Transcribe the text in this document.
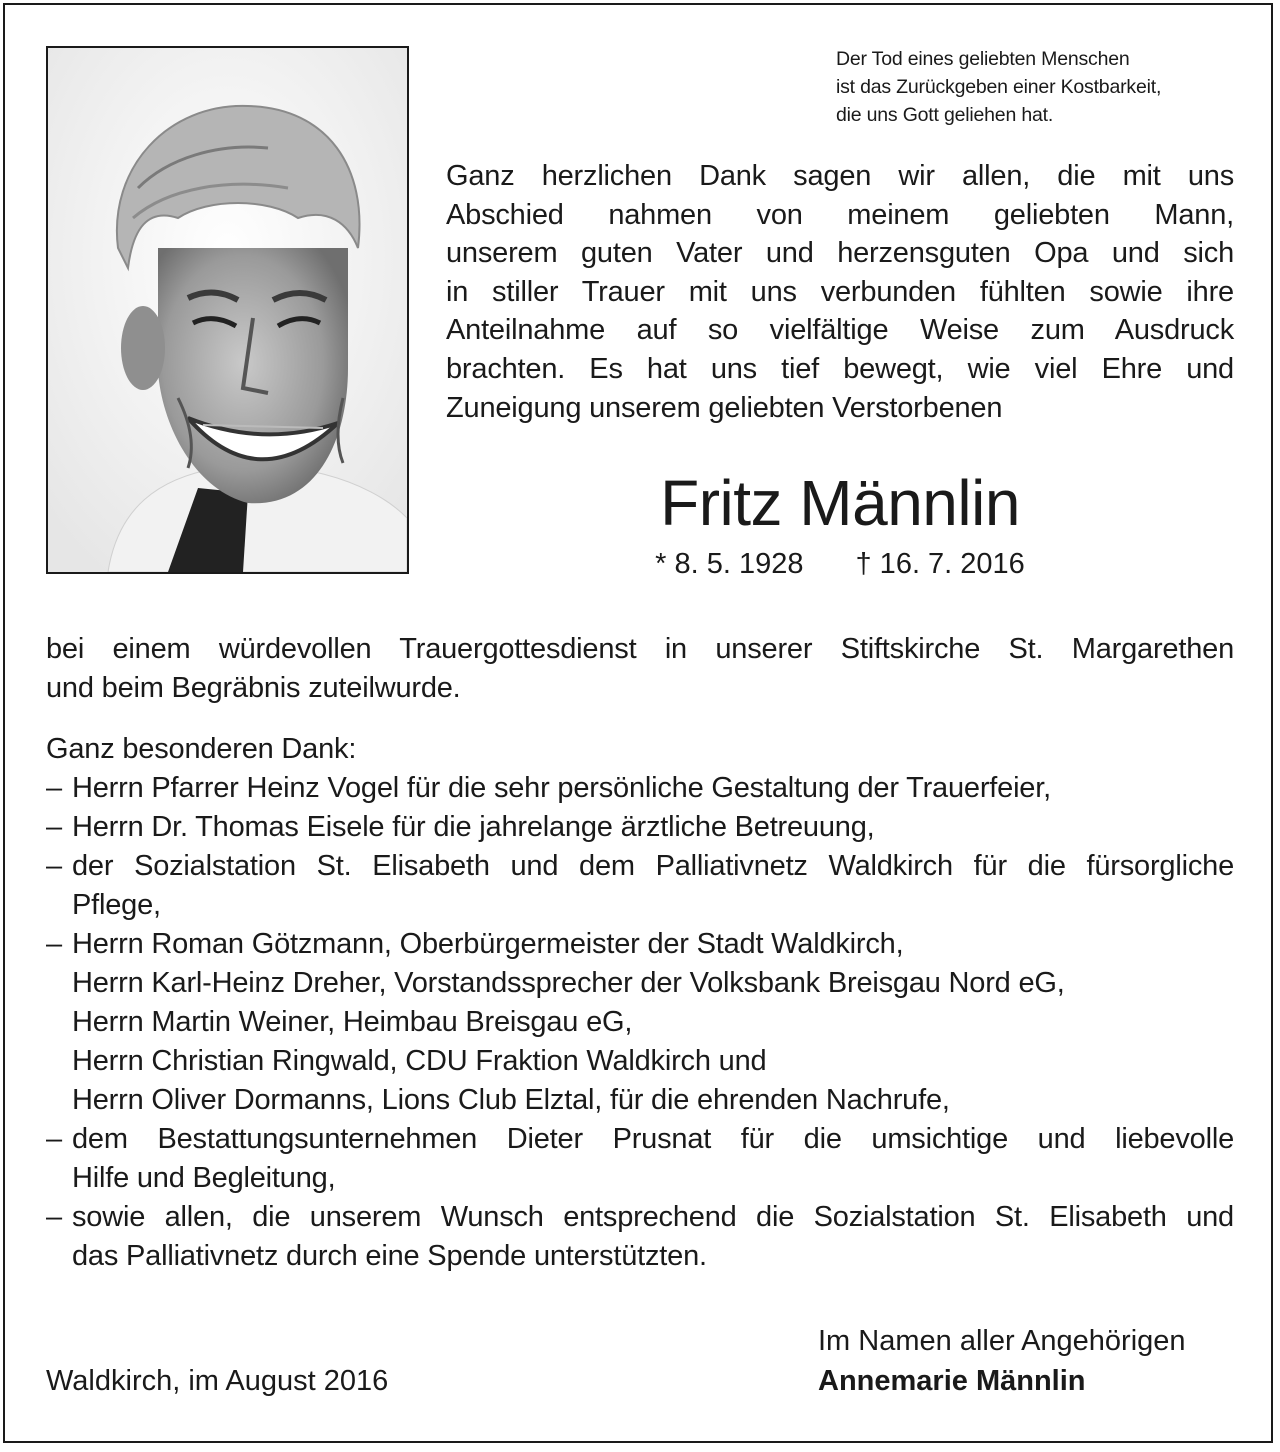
Der Tod eines geliebten Menschen
ist das Zurückgeben einer Kostbarkeit,
die uns Gott geliehen hat.
Ganz herzlichen Dank sagen wir allen, die mit uns
Abschied nahmen von meinem geliebten Mann,
unserem guten Vater und herzensguten Opa und sich
in stiller Trauer mit uns verbunden fühlten sowie ihre
Anteilnahme auf so vielfältige Weise zum Ausdruck
brachten. Es hat uns tief bewegt, wie viel Ehre und
Zuneigung unserem geliebten Verstorbenen
Fritz Männlin
* 8. 5. 1928 † 16. 7. 2016
bei einem würdevollen Trauergottesdienst in unserer Stiftskirche St. Margarethen
und beim Begräbnis zuteilwurde.
Ganz besonderen Dank:
– Herrn Pfarrer Heinz Vogel für die sehr persönliche Gestaltung der Trauerfeier,
– Herrn Dr. Thomas Eisele für die jahrelange ärztliche Betreuung,
– der Sozialstation St. Elisabeth und dem Palliativnetz Waldkirch für die fürsorgliche
Pflege,
– Herrn Roman Götzmann, Oberbürgermeister der Stadt Waldkirch,
Herrn Karl-Heinz Dreher, Vorstandssprecher der Volksbank Breisgau Nord eG,
Herrn Martin Weiner, Heimbau Breisgau eG,
Herrn Christian Ringwald, CDU Fraktion Waldkirch und
Herrn Oliver Dormanns, Lions Club Elztal, für die ehrenden Nachrufe,
– dem Bestattungsunternehmen Dieter Prusnat für die umsichtige und liebevolle
Hilfe und Begleitung,
– sowie allen, die unserem Wunsch entsprechend die Sozialstation St. Elisabeth und
das Palliativnetz durch eine Spende unterstützten.
Im Namen aller Angehörigen
Annemarie Männlin
Waldkirch, im August 2016
